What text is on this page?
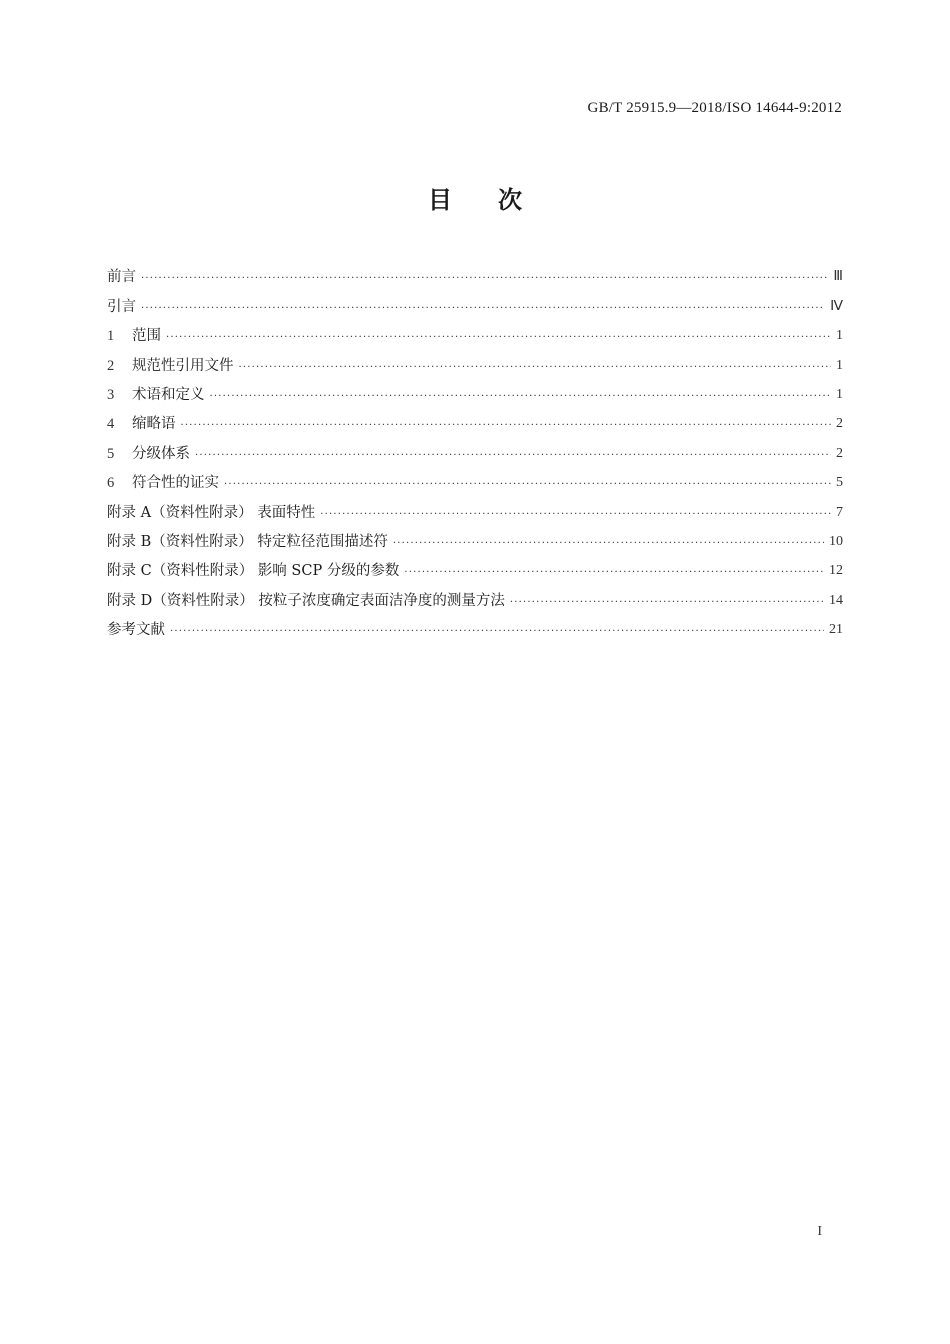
GB/T 25915.9—2018/ISO 14644-9:2012
目次
前言 ·····	Ⅲ
引言 ·····	Ⅳ
1 范围 ·····	1
2 规范性引用文件 ·····	1
3 术语和定义 ·····	1
4 缩略语 ·····	2
5 分级体系 ·····	2
6 符合性的证实 ·····	5
附录 A（资料性附录） 表面特性 ·····	7
附录 B（资料性附录） 特定粒径范围描述符 ·····	10
附录 C（资料性附录） 影响 SCP 分级的参数 ·····	12
附录 D（资料性附录） 按粒子浓度确定表面洁净度的测量方法 ·····	14
参考文献 ·····	21
I
